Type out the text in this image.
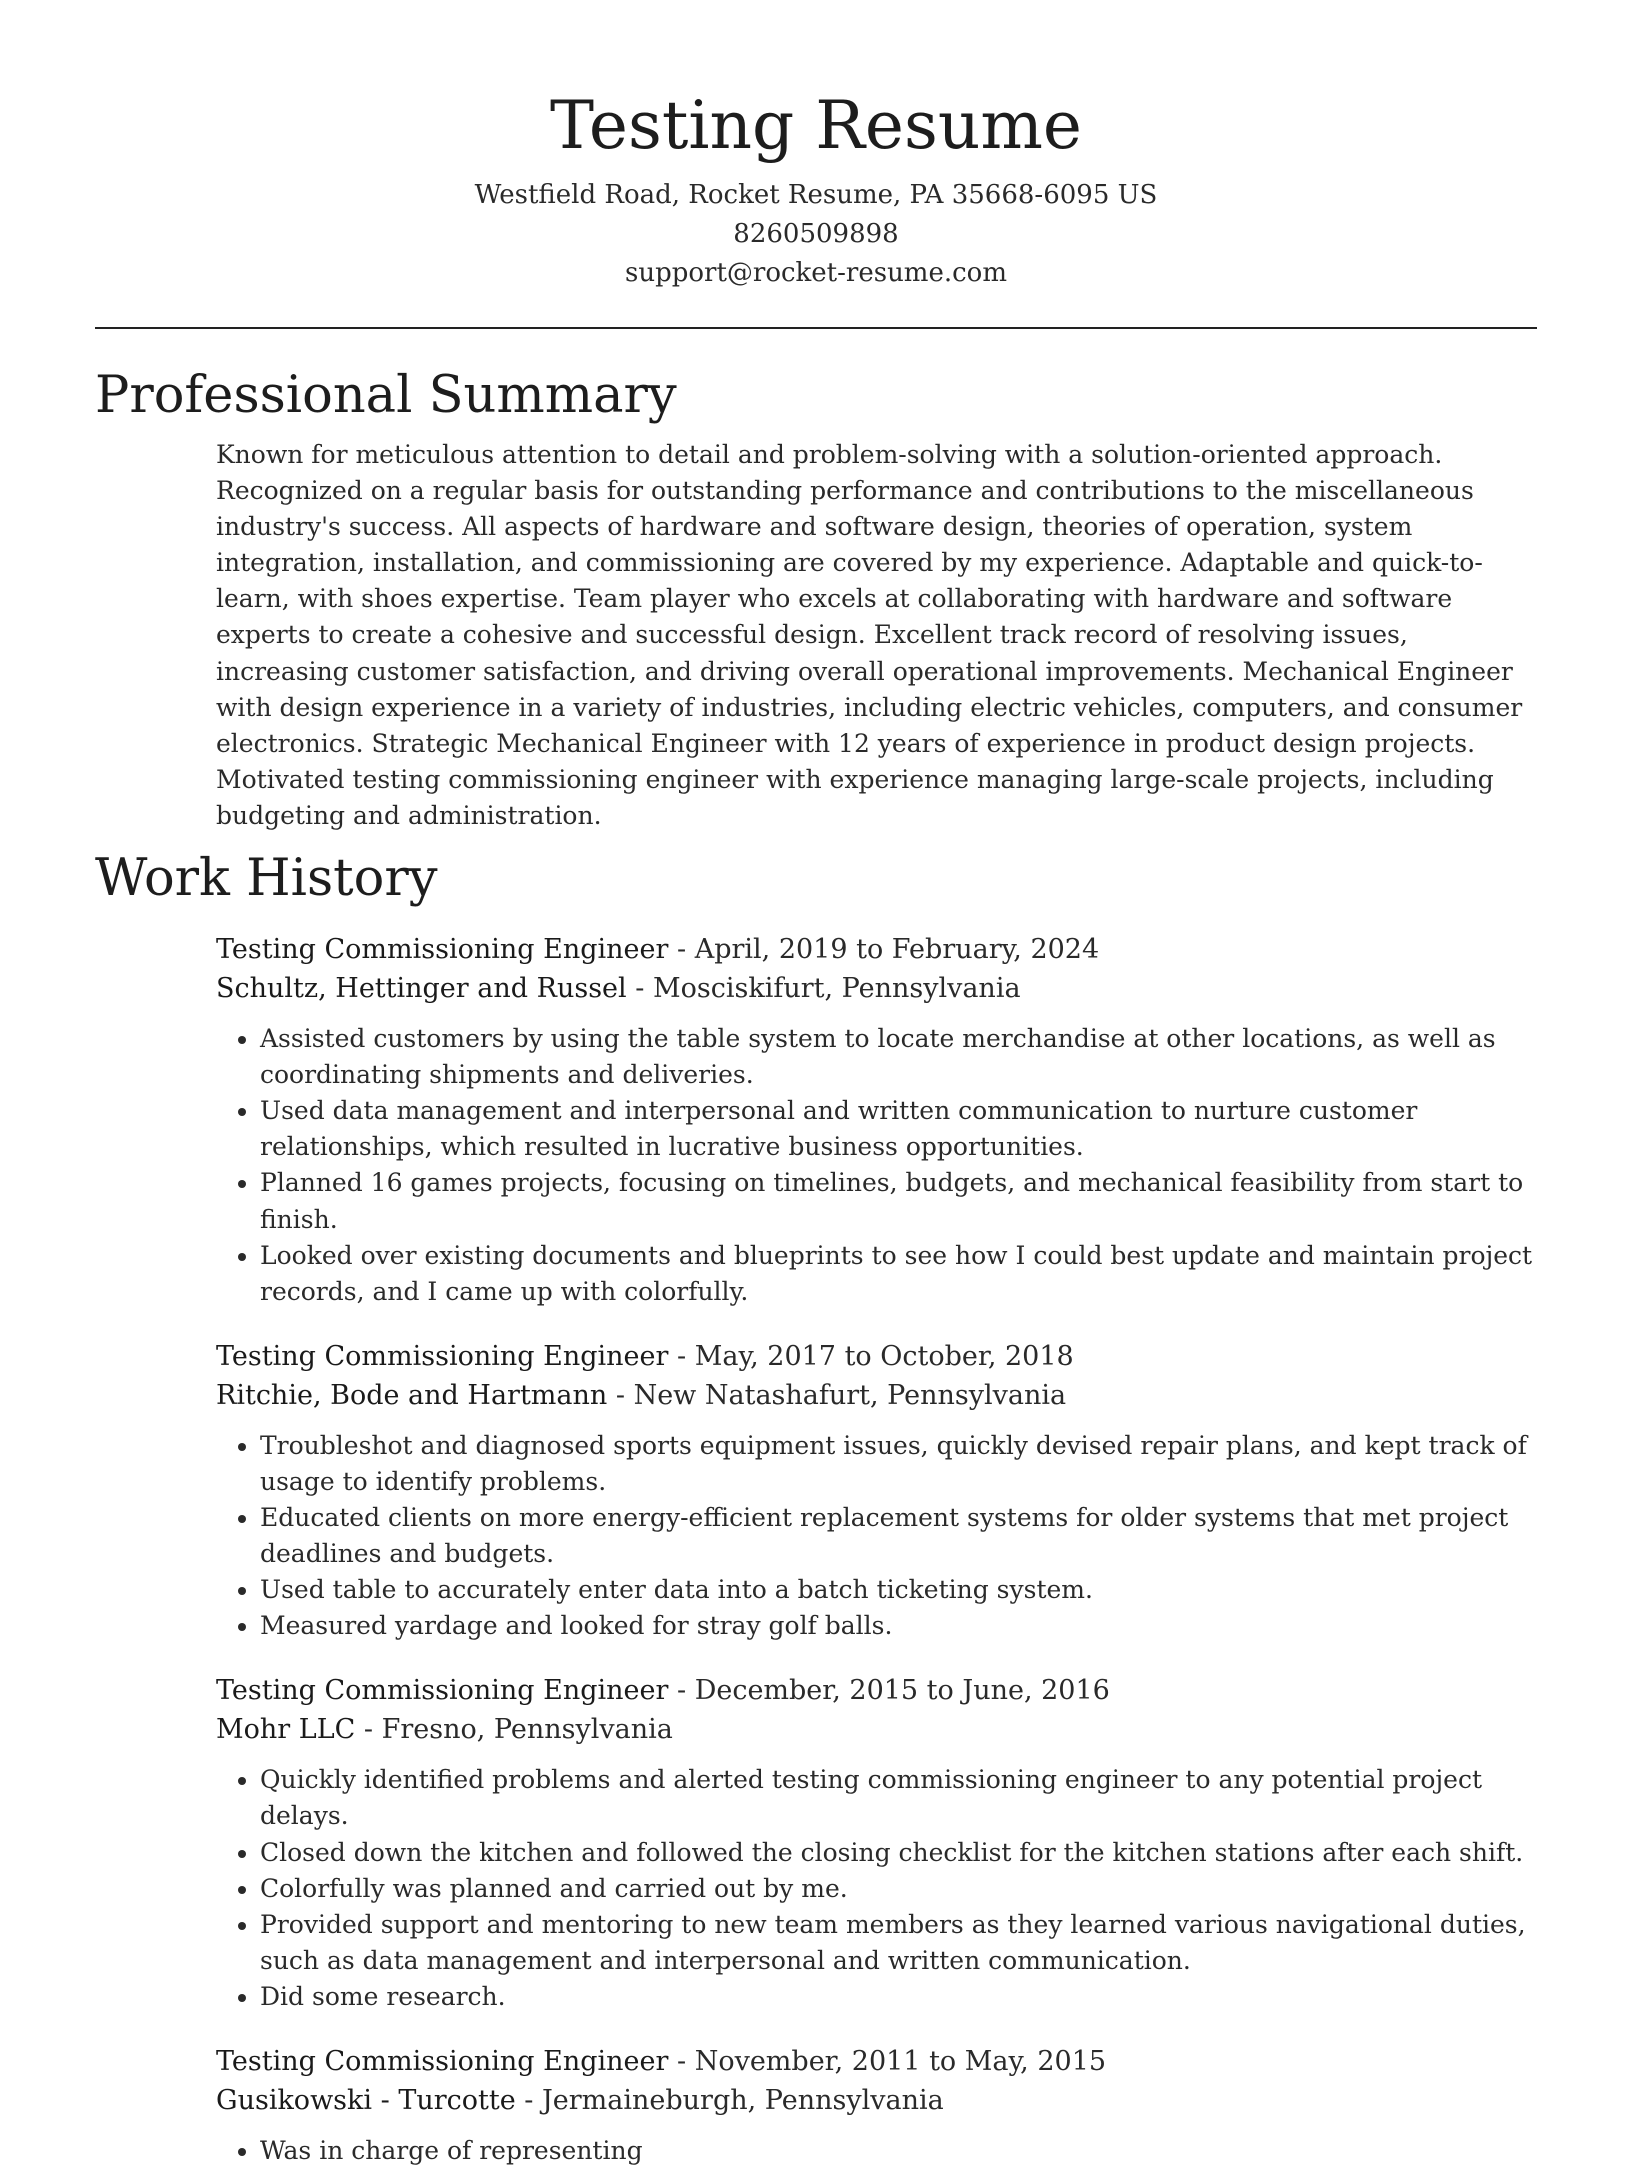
Testing Resume
Westfield Road, Rocket Resume, PA 35668-6095 US
8260509898
support@rocket-resume.com
Professional Summary
Known for meticulous attention to detail and problem-solving with a solution-oriented approach. Recognized on a regular basis for outstanding performance and contributions to the miscellaneous industry's success. All aspects of hardware and software design, theories of operation, system integration, installation, and commissioning are covered by my experience. Adaptable and quick-to-learn, with shoes expertise. Team player who excels at collaborating with hardware and software experts to create a cohesive and successful design. Excellent track record of resolving issues, increasing customer satisfaction, and driving overall operational improvements. Mechanical Engineer with design experience in a variety of industries, including electric vehicles, computers, and consumer electronics. Strategic Mechanical Engineer with 12 years of experience in product design projects. Motivated testing commissioning engineer with experience managing large-scale projects, including budgeting and administration.
Work History
Testing Commissioning Engineer - April, 2019 to February, 2024
Schultz, Hettinger and Russel - Mosciskifurt, Pennsylvania
• Assisted customers by using the table system to locate merchandise at other locations, as well as coordinating shipments and deliveries.
• Used data management and interpersonal and written communication to nurture customer relationships, which resulted in lucrative business opportunities.
• Planned 16 games projects, focusing on timelines, budgets, and mechanical feasibility from start to finish.
• Looked over existing documents and blueprints to see how I could best update and maintain project records, and I came up with colorfully.
Testing Commissioning Engineer - May, 2017 to October, 2018
Ritchie, Bode and Hartmann - New Natashafurt, Pennsylvania
• Troubleshot and diagnosed sports equipment issues, quickly devised repair plans, and kept track of usage to identify problems.
• Educated clients on more energy-efficient replacement systems for older systems that met project deadlines and budgets.
• Used table to accurately enter data into a batch ticketing system.
• Measured yardage and looked for stray golf balls.
Testing Commissioning Engineer - December, 2015 to June, 2016
Mohr LLC - Fresno, Pennsylvania
• Quickly identified problems and alerted testing commissioning engineer to any potential project delays.
• Closed down the kitchen and followed the closing checklist for the kitchen stations after each shift.
• Colorfully was planned and carried out by me.
• Provided support and mentoring to new team members as they learned various navigational duties, such as data management and interpersonal and written communication.
• Did some research.
Testing Commissioning Engineer - November, 2011 to May, 2015
Gusikowski - Turcotte - Jermaineburgh, Pennsylvania
• Was in charge of representing
